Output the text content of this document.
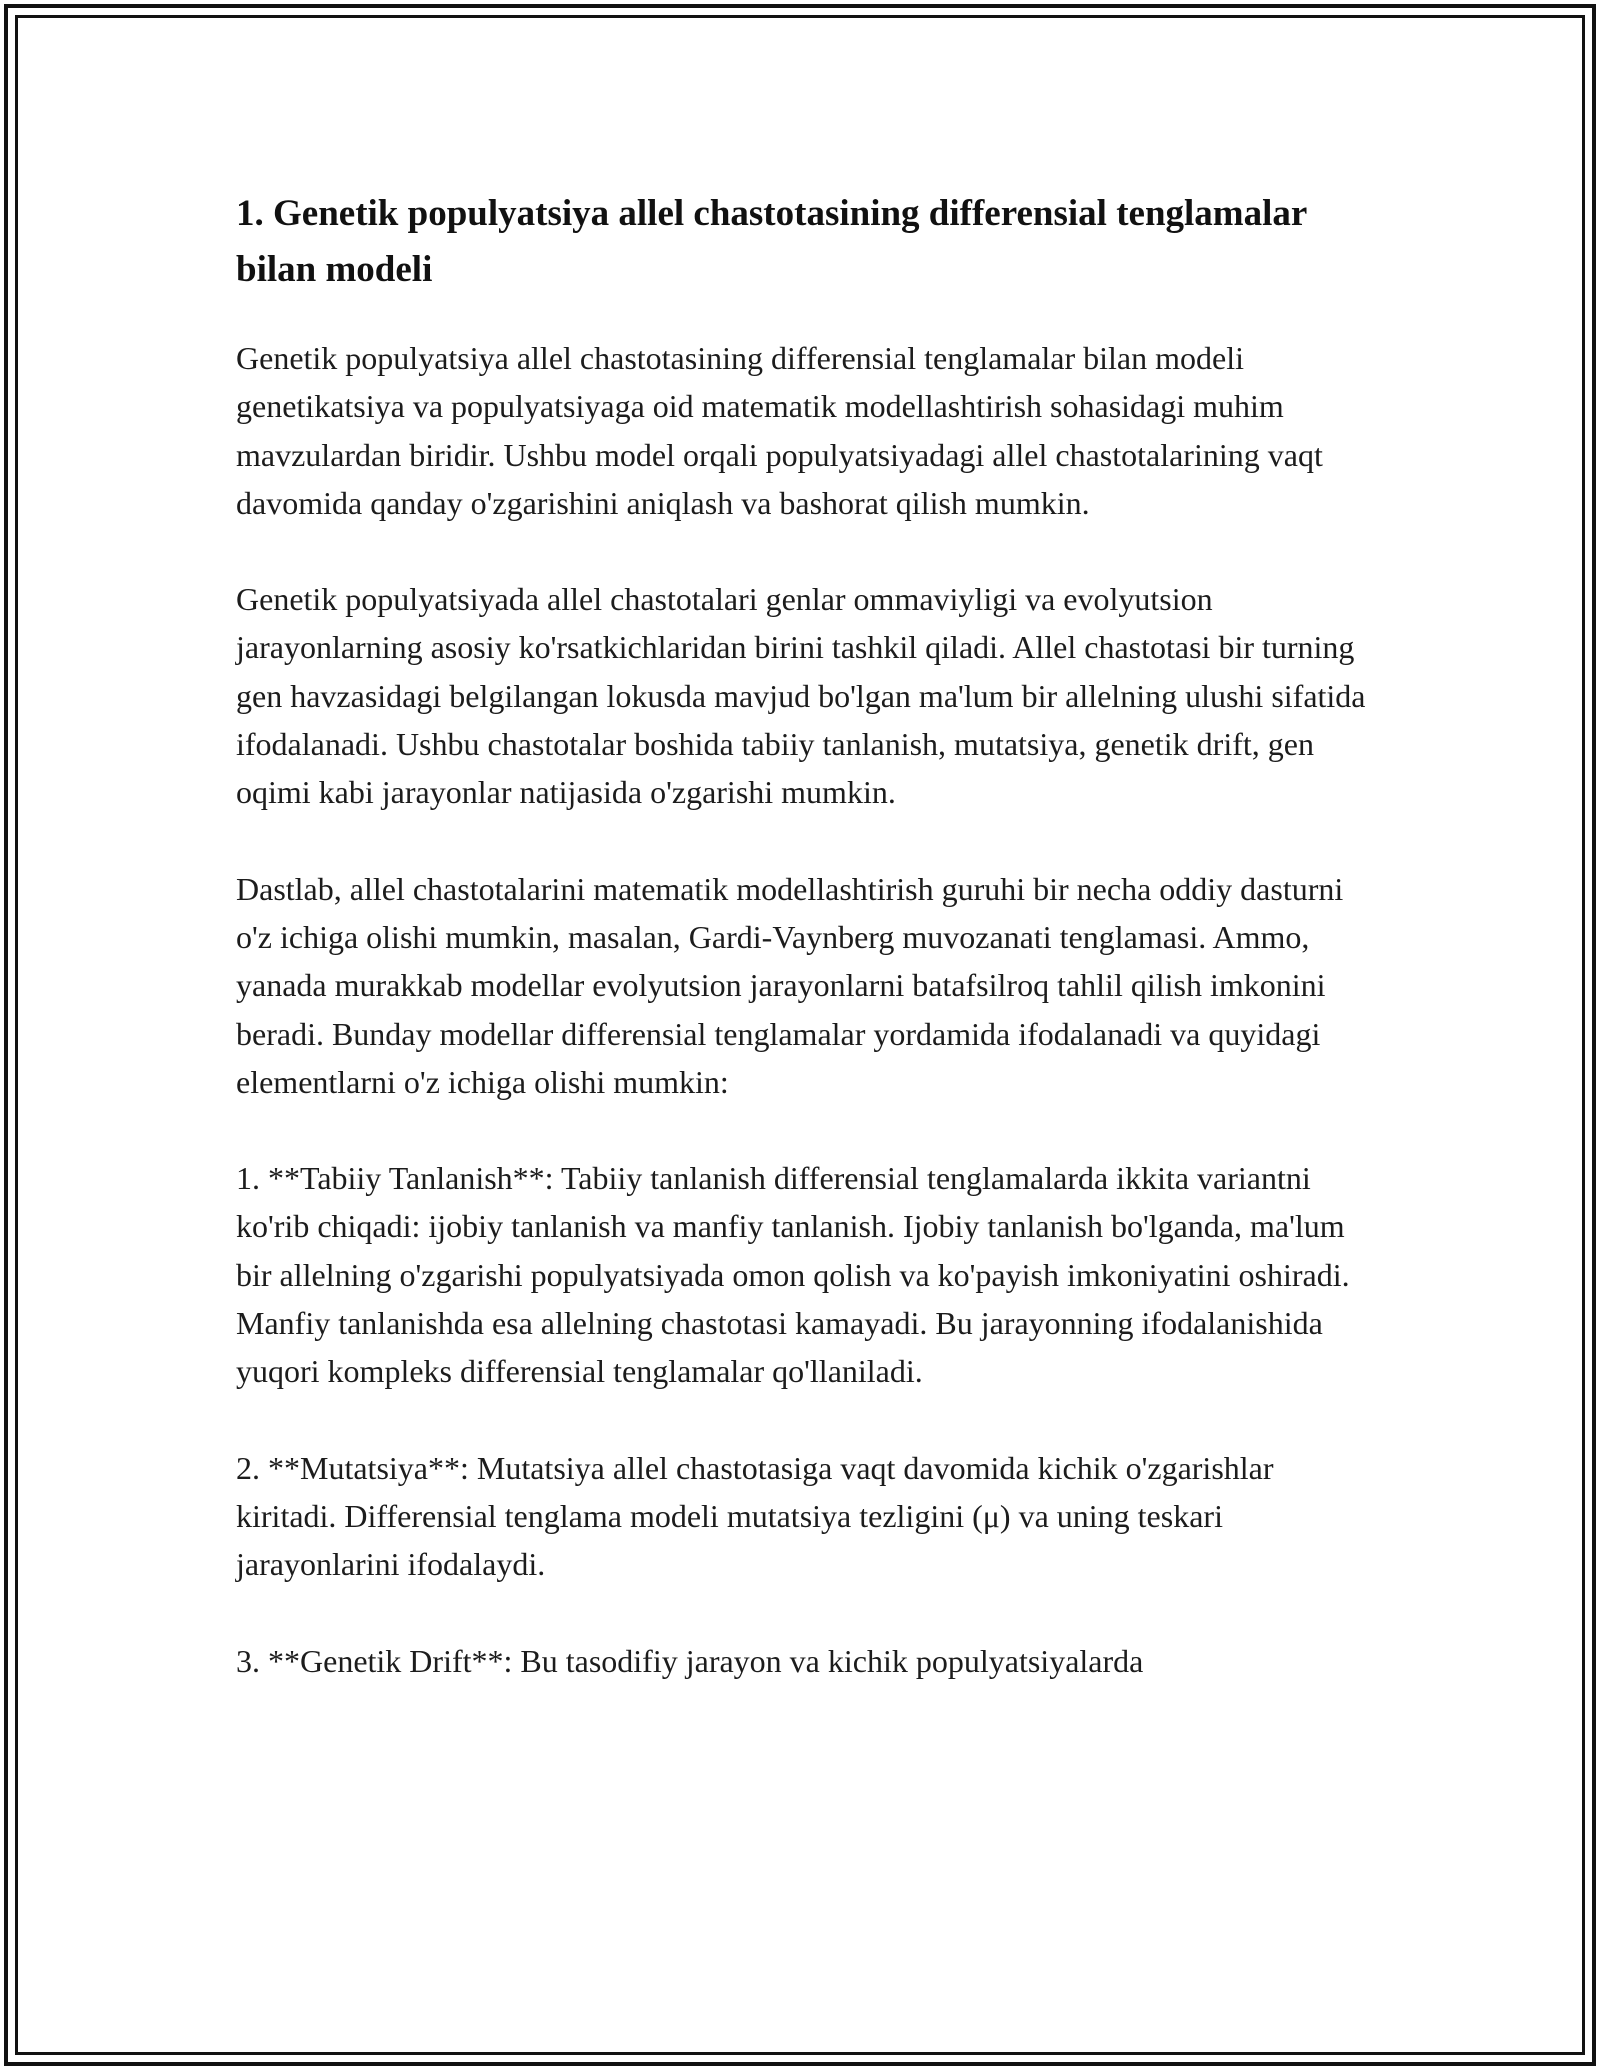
1. Genetik populyatsiya allel chastotasining differensial tenglamalar bilan modeli

Genetik populyatsiya allel chastotasining differensial tenglamalar bilan modeli genetikatsiya va populyatsiyaga oid matematik modellashtirish sohasidagi muhim mavzulardan biridir. Ushbu model orqali populyatsiyadagi allel chastotalarining vaqt davomida qanday o'zgarishini aniqlash va bashorat qilish mumkin.

Genetik populyatsiyada allel chastotalari genlar ommaviyligi va evolyutsion jarayonlarning asosiy ko'rsatkichlaridan birini tashkil qiladi. Allel chastotasi bir turning gen havzasidagi belgilangan lokusda mavjud bo'lgan ma'lum bir allelning ulushi sifatida ifodalanadi. Ushbu chastotalar boshida tabiiy tanlanish, mutatsiya, genetik drift, gen oqimi kabi jarayonlar natijasida o'zgarishi mumkin.

Dastlab, allel chastotalarini matematik modellashtirish guruhi bir necha oddiy dasturni o'z ichiga olishi mumkin, masalan, Gardi-Vaynberg muvozanati tenglamasi. Ammo, yanada murakkab modellar evolyutsion jarayonlarni batafsilroq tahlil qilish imkonini beradi. Bunday modellar differensial tenglamalar yordamida ifodalanadi va quyidagi elementlarni o'z ichiga olishi mumkin:

1. **Tabiiy Tanlanish**: Tabiiy tanlanish differensial tenglamalarda ikkita variantni ko'rib chiqadi: ijobiy tanlanish va manfiy tanlanish. Ijobiy tanlanish bo'lganda, ma'lum bir allelning o'zgarishi populyatsiyada omon qolish va ko'payish imkoniyatini oshiradi. Manfiy tanlanishda esa allelning chastotasi kamayadi. Bu jarayonning ifodalanishida yuqori kompleks differensial tenglamalar qo'llaniladi.

2. **Mutatsiya**: Mutatsiya allel chastotasiga vaqt davomida kichik o'zgarishlar kiritadi. Differensial tenglama modeli mutatsiya tezligini (μ) va uning teskari jarayonlarini ifodalaydi.

3. **Genetik Drift**: Bu tasodifiy jarayon va kichik populyatsiyalarda
